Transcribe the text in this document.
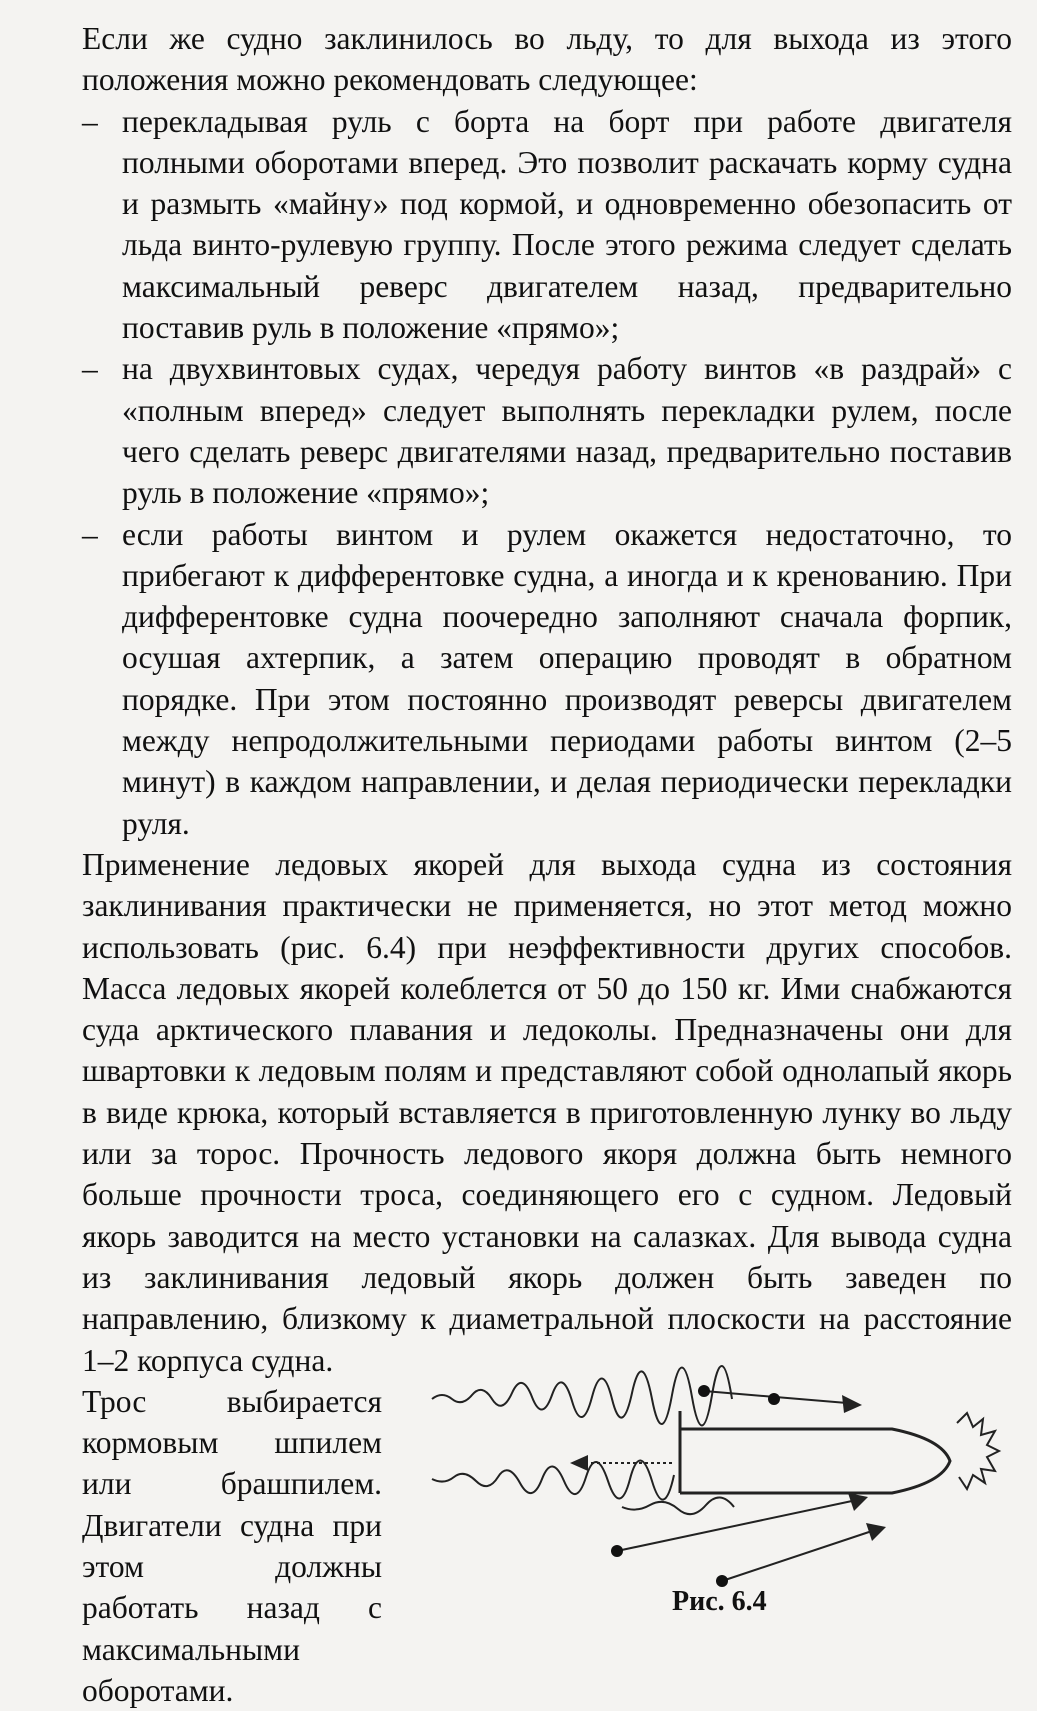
Если же судно заклинилось во льду, то для выхода из этого положения можно рекомендовать следующее:

– перекладывая руль с борта на борт при работе двигателя полными оборотами вперед. Это позволит раскачать корму судна и размыть «майну» под кормой, и одновременно обезопасить от льда винто-рулевую группу. После этого режима следует сделать максимальный реверс двигателем назад, предварительно поставив руль в положение «прямо»;
– на двухвинтовых судах, чередуя работу винтов «в раздрай» с «полным вперед» следует выполнять перекладки рулем, после чего сделать реверс двигателями назад, предварительно поставив руль в положение «прямо»;
– если работы винтом и рулем окажется недостаточно, то прибегают к дифферентовке судна, а иногда и к кренованию. При дифферентовке судна поочередно заполняют сначала форпик, осушая ахтерпик, а затем операцию проводят в обратном порядке. При этом постоянно производят реверсы двигателем между непродолжительными периодами работы винтом (2–5 минут) в каждом направлении, и делая периодически перекладки руля.

Применение ледовых якорей для выхода судна из состояния заклинивания практически не применяется, но этот метод можно использовать (рис. 6.4) при неэффективности других способов. Масса ледовых якорей колеблется от 50 до 150 кг. Ими снабжаются суда арктического плавания и ледоколы. Предназначены они для швартовки к ледовым полям и представляют собой однолапый якорь в виде крюка, который вставляется в приготовленную лунку во льду или за торос. Прочность ледового якоря должна быть немного больше прочности троса, соединяющего его с судном. Ледовый якорь заводится на место установки на салазках. Для вывода судна из заклинивания ледовый якорь должен быть заведен по направлению, близкому к диаметральной плоскости на расстояние 1–2 корпуса судна.

Трос выбирается кормовым шпилем или брашпилем. Двигатели судна при этом должны работать назад с максимальными оборотами.
Рис. 6.4
